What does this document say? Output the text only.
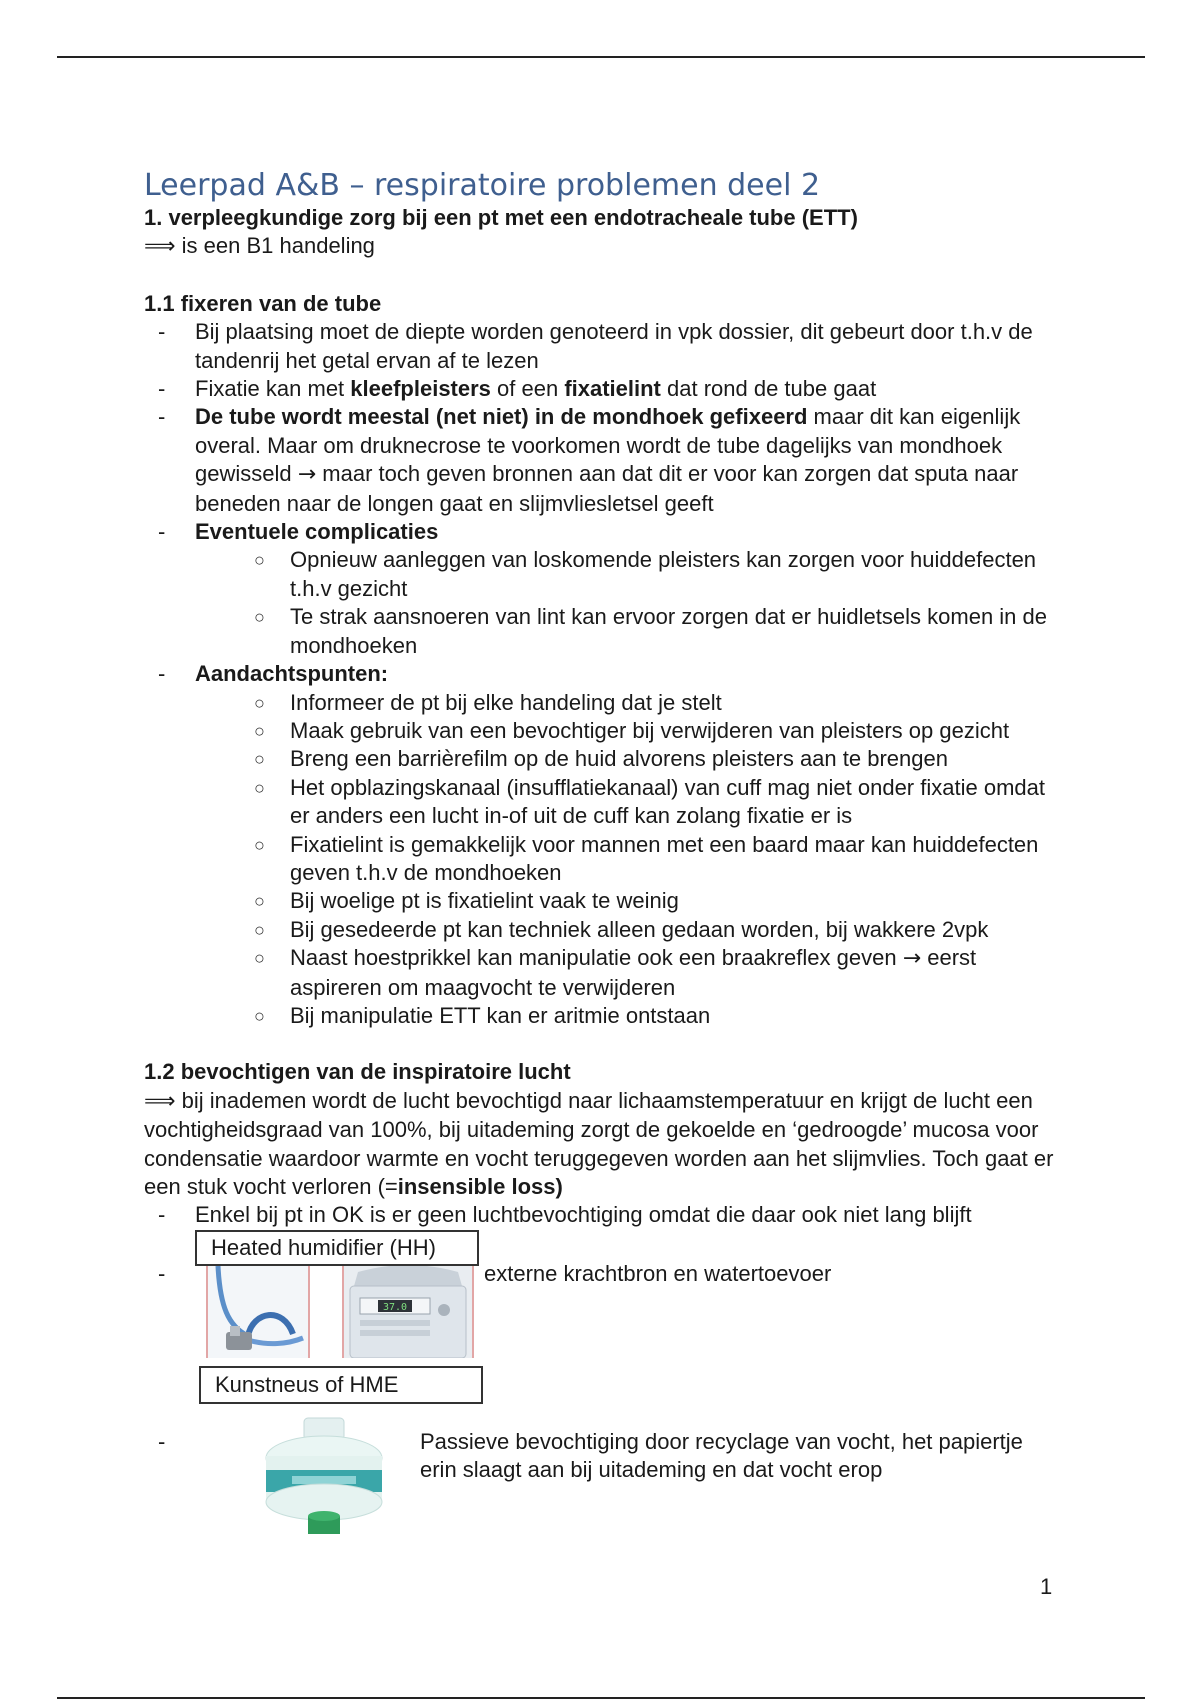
Leerpad A&B – respiratoire problemen deel 2

1. verpleegkundige zorg bij een pt met een endotracheale tube (ETT)

⟹ is een B1 handeling

1.1 fixeren van de tube

- Bij plaatsing moet de diepte worden genoteerd in vpk dossier, dit gebeurt door t.h.v de tandenrij het getal ervan af te lezen
- Fixatie kan met kleefpleisters of een fixatielint dat rond de tube gaat
- De tube wordt meestal (net niet) in de mondhoek gefixeerd maar dit kan eigenlijk overal. Maar om druknecrose te voorkomen wordt de tube dagelijks van mondhoek gewisseld → maar toch geven bronnen aan dat dit er voor kan zorgen dat sputa naar beneden naar de longen gaat en slijmvliesletsel geeft
- Eventuele complicaties
○ Opnieuw aanleggen van loskomende pleisters kan zorgen voor huiddefecten t.h.v gezicht
○ Te strak aansnoeren van lint kan ervoor zorgen dat er huidletsels komen in de mondhoeken
- Aandachtspunten:
○ Informeer de pt bij elke handeling dat je stelt
○ Maak gebruik van een bevochtiger bij verwijderen van pleisters op gezicht
○ Breng een barrièrefilm op de huid alvorens pleisters aan te brengen
○ Het opblazingskanaal (insufflatiekanaal) van cuff mag niet onder fixatie omdat er anders een lucht in-of uit de cuff kan zolang fixatie er is
○ Fixatielint is gemakkelijk voor mannen met een baard maar kan huiddefecten geven t.h.v de mondhoeken
○ Bij woelige pt is fixatielint vaak te weinig
○ Bij gesedeerde pt kan techniek alleen gedaan worden, bij wakkere 2vpk
○ Naast hoestprikkel kan manipulatie ook een braakreflex geven → eerst aspireren om maagvocht te verwijderen
○ Bij manipulatie ETT kan er aritmie ontstaan

1.2 bevochtigen van de inspiratoire lucht

⟹ bij inademen wordt de lucht bevochtigd naar lichaamstemperatuur en krijgt de lucht een vochtigheidsgraad van 100%, bij uitademing zorgt de gekoelde en ‘gedroogde’ mucosa voor condensatie waardoor warmte en vocht teruggegeven worden aan het slijmvlies. Toch gaat er een stuk vocht verloren (=insensible loss)

- Enkel bij pt in OK is er geen luchtbevochtiging omdat die daar ook niet lang blijft
-
37.0
Heated humidifier (HH)
externe krachtbron en watertoevoer
Kunstneus of HME
-	Passieve bevochtiging door recyclage van vocht, het papiertje erin slaagt aan bij uitademing en dat vocht erop
1
